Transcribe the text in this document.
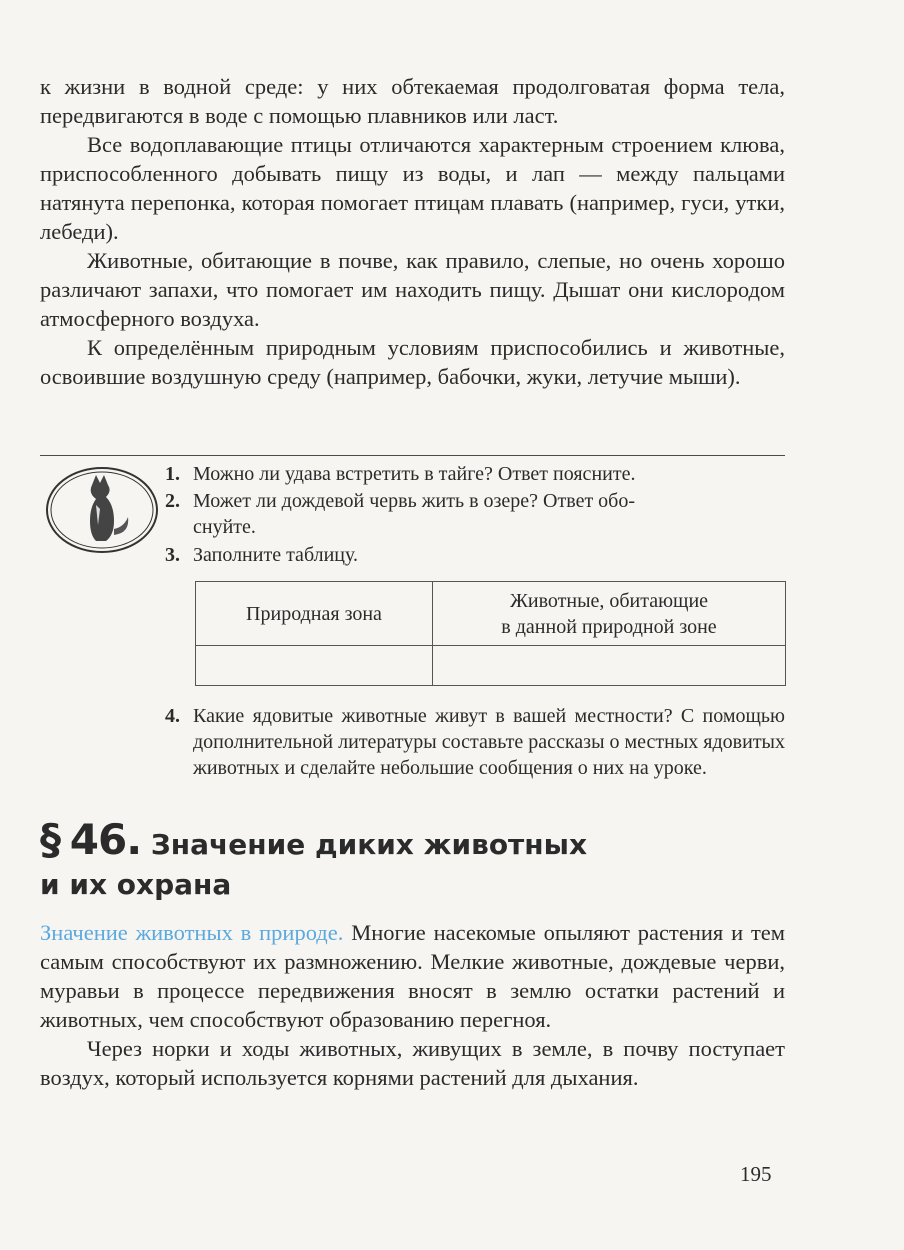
к жизни в водной среде: у них обтекаемая продолговатая форма тела, передвигаются в воде с помощью плавников или ласт.

Все водоплавающие птицы отличаются характерным строением клюва, приспособленного добывать пищу из воды, и лап — между пальцами натянута перепонка, которая помогает птицам плавать (например, гуси, утки, лебеди).

Животные, обитающие в почве, как правило, слепые, но очень хорошо различают запахи, что помогает им находить пищу. Дышат они кислородом атмосферного воздуха.

К определённым природным условиям приспособились и животные, освоившие воздушную среду (например, бабочки, жуки, летучие мыши).

1. Можно ли удава встретить в тайге? Ответ поясните.
2. Может ли дождевой червь жить в озере? Ответ обо-
снуйте.
3. Заполните таблицу.
Природная зона	Животные, обитающие
в данной природной зоне

4. Какие ядовитые животные живут в вашей местности? С помощью дополнительной литературы составьте рассказы о местных ядовитых животных и сделайте небольшие сообщения о них на уроке.
§ 46. Значение диких животных
и их охрана

Значение животных в природе. Многие насекомые опыляют растения и тем самым способствуют их размножению. Мелкие животные, дождевые черви, муравьи в процессе передвижения вносят в землю остатки растений и животных, чем способствуют образованию перегноя.

Через норки и ходы животных, живущих в земле, в почву поступает воздух, который используется корнями растений для дыхания.

195
